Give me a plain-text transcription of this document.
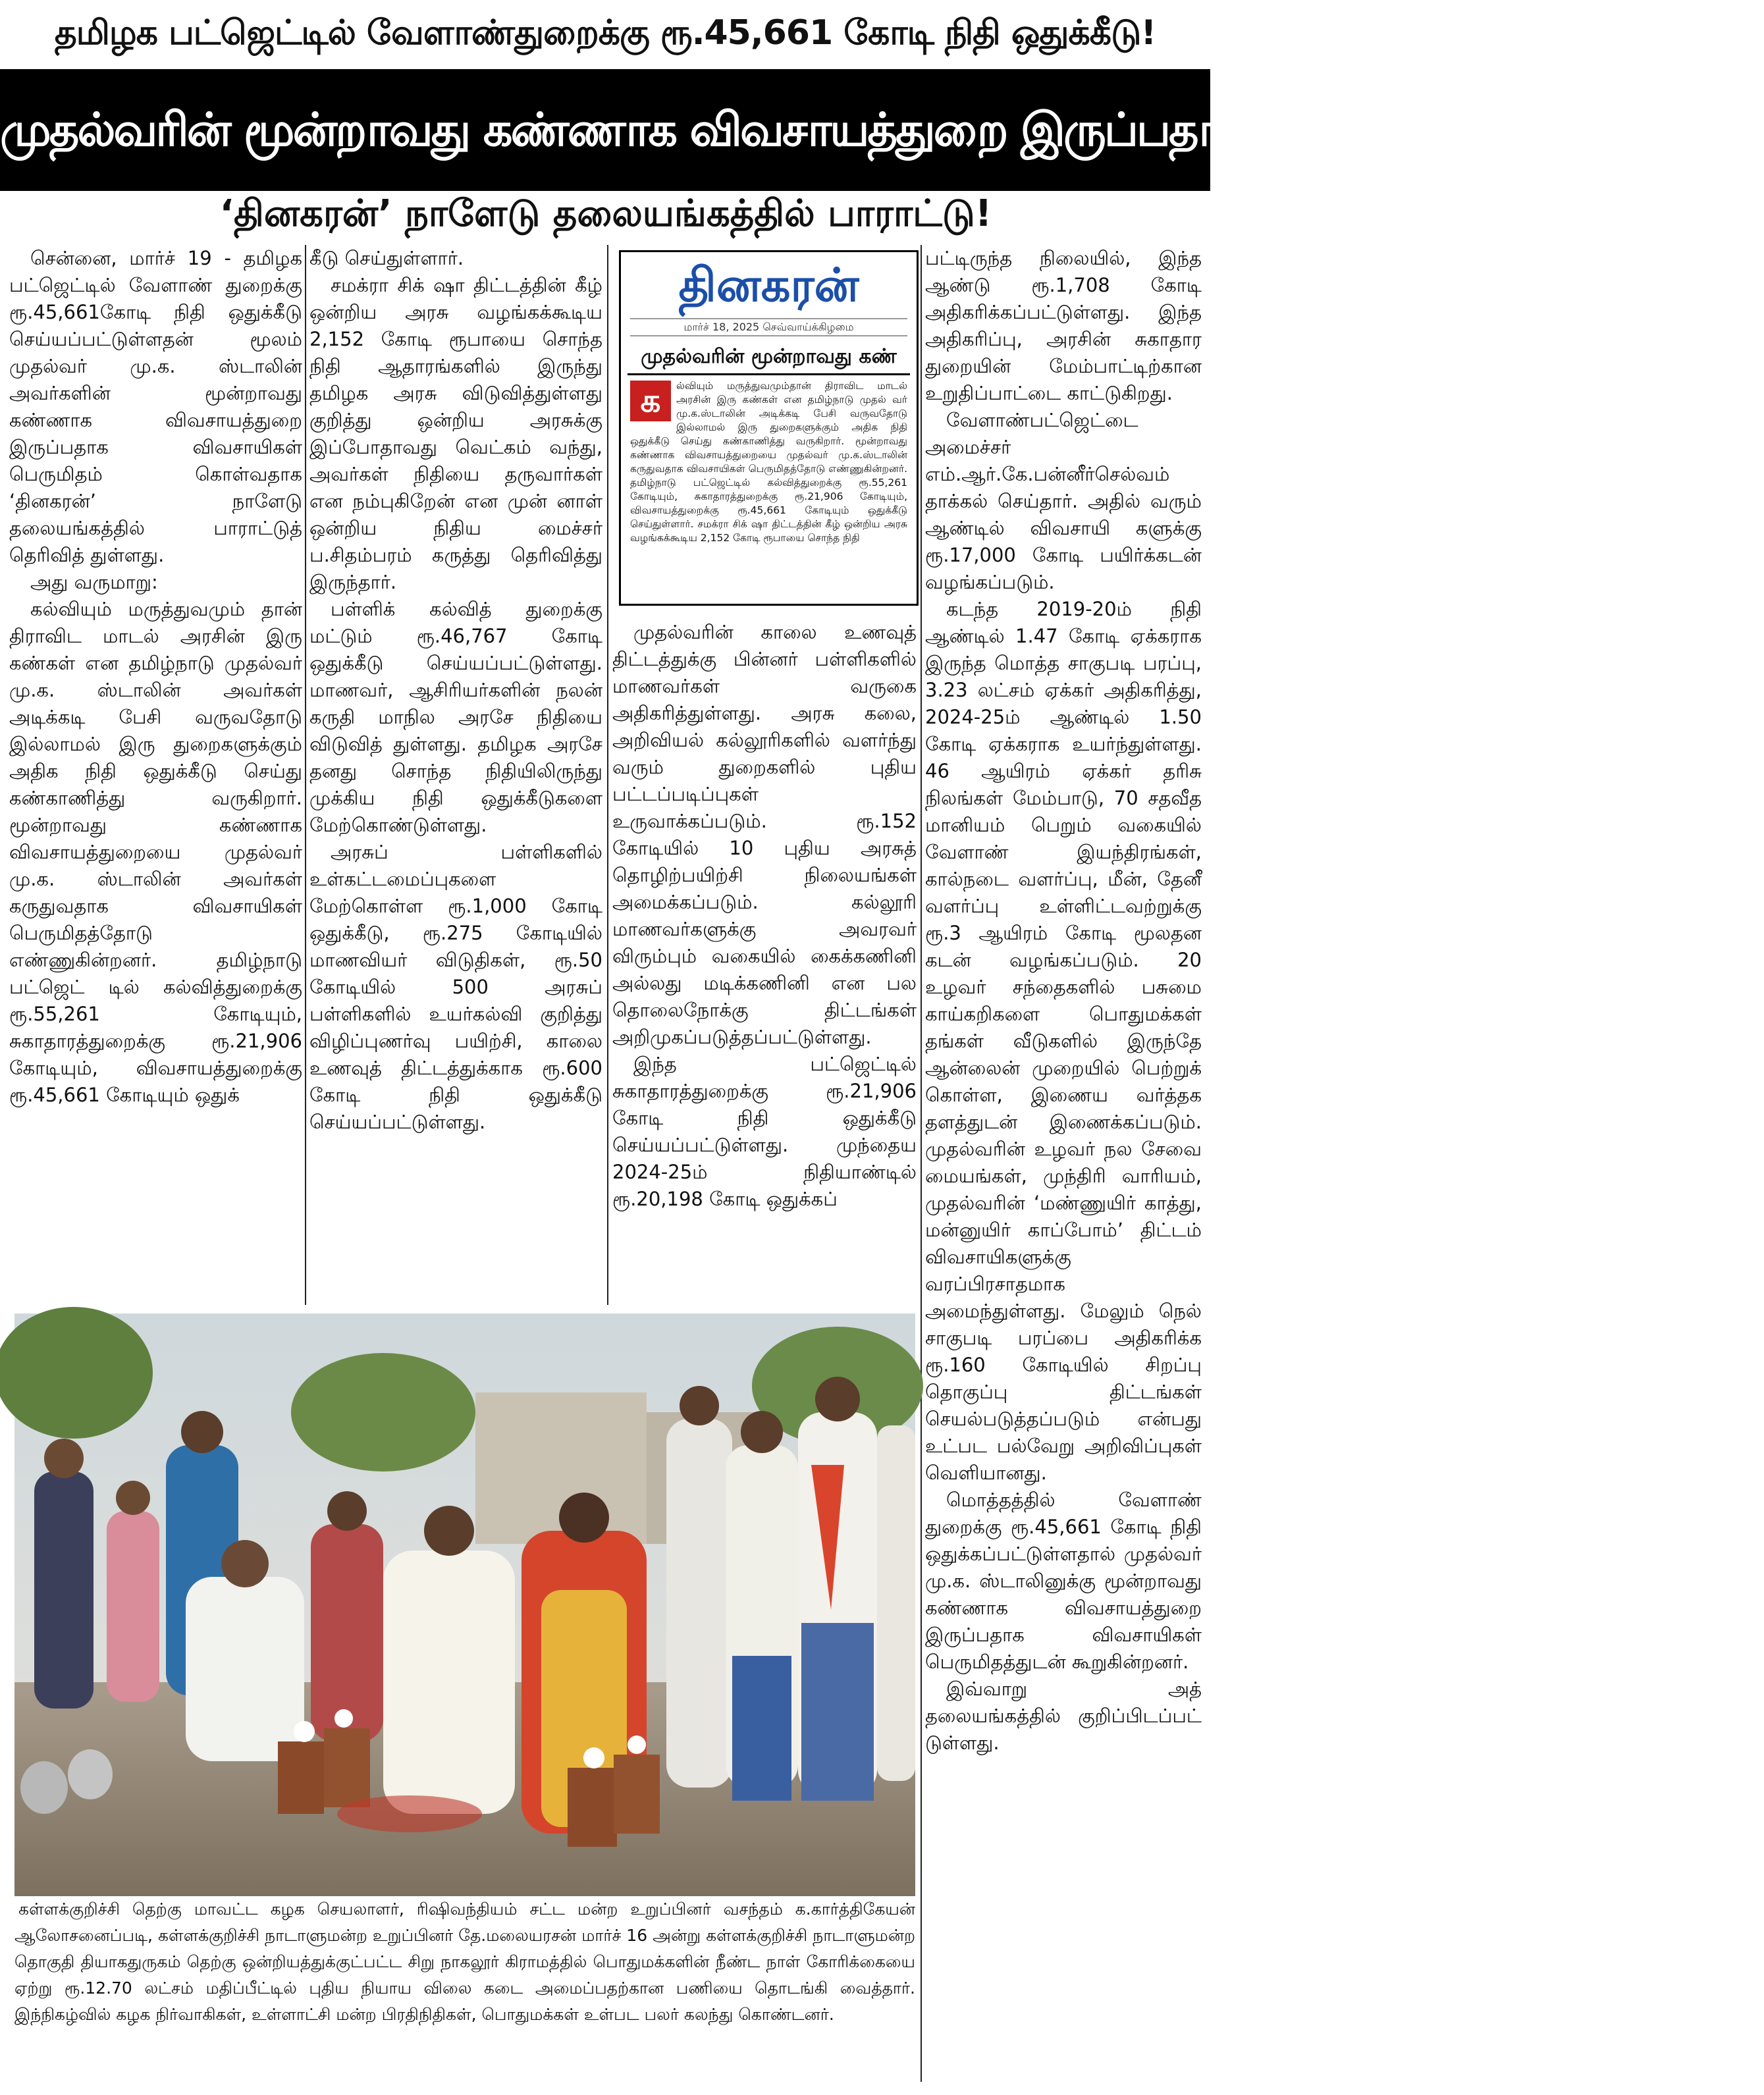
தமிழக பட்ஜெட்டில் வேளாண்துறைக்கு ரூ.45,661 கோடி நிதி ஒதுக்கீடு!
முதல்வரின் மூன்றாவது கண்ணாக விவசாயத்துறை இருப்பதாக விவசாயிகள் பெருமிதம்!
‘தினகரன்’ நாளேடு தலையங்கத்தில் பாராட்டு!

சென்னை, மார்ச் 19 - தமிழக பட்ஜெட்டில் வேளாண் துறைக்கு ரூ.45,661கோடி நிதி ஒதுக்கீடு செய்யப்பட்டுள்ளதன் மூலம் முதல்வர் மு.க. ஸ்டாலின் அவர்களின் மூன்றாவது கண்ணாக விவசாயத்துறை இருப்பதாக விவசாயிகள் பெருமிதம் கொள்வதாக ‘தினகரன்’ நாளேடு தலையங்கத்தில் பாராட்டுத் தெரிவித் துள்ளது.

அது வருமாறு:

கல்வியும் மருத்துவமும் தான் திராவிட மாடல் அரசின் இரு கண்கள் என தமிழ்நாடு முதல்வர் மு.க. ஸ்டாலின் அவர்கள் அடிக்கடி பேசி வருவதோடு இல்லாமல் இரு துறைகளுக்கும் அதிக நிதி ஒதுக்கீடு செய்து கண்காணித்து வருகிறார். மூன்றாவது கண்ணாக விவசாயத்துறையை முதல்வர் மு.க. ஸ்டாலின் அவர்கள் கருதுவதாக விவசாயிகள் பெருமிதத்தோடு எண்ணுகின்றனர். தமிழ்நாடு பட்ஜெட் டில் கல்வித்துறைக்கு ரூ.55,261 கோடியும், சுகாதாரத்துறைக்கு ரூ.21,906 கோடியும், விவசாயத்துறைக்கு ரூ.45,661 கோடியும் ஒதுக்

கீடு செய்துள்ளார்.

சமக்ரா சிக் ஷா திட்டத்தின் கீழ் ஒன்றிய அரசு வழங்கக்கூடிய 2,152 கோடி ரூபாயை சொந்த நிதி ஆதாரங்களில் இருந்து தமிழக அரசு விடுவித்துள்ளது குறித்து ஒன்றிய அரசுக்கு இப்போதாவது வெட்கம் வந்து, அவர்கள் நிதியை தருவார்கள் என நம்புகிறேன் என முன் னாள் ஒன்றிய நிதிய மைச்சர் ப.சிதம்பரம் கருத்து தெரிவித்து இருந்தார்.

பள்ளிக் கல்வித் துறைக்கு மட்டும் ரூ.46,767 கோடி ஒதுக்கீடு செய்யப்பட்டுள்ளது. மாணவர், ஆசிரியர்களின் நலன் கருதி மாநில அரசே நிதியை விடுவித் துள்ளது. தமிழக அரசே தனது சொந்த நிதியிலிருந்து முக்கிய நிதி ஒதுக்கீடுகளை மேற்கொண்டுள்ளது.

அரசுப் பள்ளிகளில் உள்கட்டமைப்புகளை மேற்கொள்ள ரூ.1,000 கோடி ஒதுக்கீடு, ரூ.275 கோடியில் மாணவியர் விடுதிகள், ரூ.50 கோடியில் 500 அரசுப் பள்ளிகளில் உயர்கல்வி குறித்து விழிப்புணர்வு பயிற்சி, காலை உணவுத் திட்டத்துக்காக ரூ.600 கோடி நிதி ஒதுக்கீடு செய்யப்பட்டுள்ளது.

தினகரன்
மார்ச் 18, 2025 செவ்வாய்க்கிழமை
முதல்வரின் மூன்றாவது கண்
க	ல்வியும் மருத்துவமும்தான் திராவிட மாடல் அரசின் இரு கண்கள் என தமிழ்நாடு முதல் வர் மு.க.ஸ்டாலின் அடிக்கடி பேசி வருவதோடு இல்லாமல் இரு துறைகளுக்கும் அதிக நிதி ஒதுக்கீடு செய்து கண்காணித்து வருகிறார். மூன்றாவது கண்ணாக விவசாயத்துறையை முதல்வர் மு.க.ஸ்டாலின் கருதுவதாக விவசாயிகள் பெருமிதத்தோடு எண்ணுகின்றனர். தமிழ்நாடு பட்ஜெட்டில் கல்வித்துறைக்கு ரூ.55,261 கோடியும், சுகாதாரத்துறைக்கு ரூ.21,906 கோடியும், விவசாயத்துறைக்கு ரூ.45,661 கோடியும் ஒதுக்கீடு செய்துள்ளார். சமக்ரா சிக் ஷா திட்டத்தின் கீழ் ஒன்றிய அரசு வழங்கக்கூடிய 2,152 கோடி ரூபாயை சொந்த நிதி

முதல்வரின் காலை உணவுத் திட்டத்துக்கு பின்னர் பள்ளிகளில் மாணவர்கள் வருகை அதிகரித்துள்ளது. அரசு கலை, அறிவியல் கல்லூரிகளில் வளர்ந்து வரும் துறைகளில் புதிய பட்டப்படிப்புகள் உருவாக்கப்படும். ரூ.152 கோடியில் 10 புதிய அரசுத் தொழிற்பயிற்சி நிலையங்கள் அமைக்கப்படும். கல்லூரி மாணவர்களுக்கு அவரவர் விரும்பும் வகையில் கைக்கணினி அல்லது மடிக்கணினி என பல தொலைநோக்கு திட்டங்கள் அறிமுகப்படுத்தப்பட்டுள்ளது.

இந்த பட்ஜெட்டில் சுகாதாரத்துறைக்கு ரூ.21,906 கோடி நிதி ஒதுக்கீடு செய்யப்பட்டுள்ளது. முந்தைய 2024-25ம் நிதியாண்டில் ரூ.20,198 கோடி ஒதுக்கப்

பட்டிருந்த நிலையில், இந்த ஆண்டு ரூ.1,708 கோடி அதிகரிக்கப்பட்டுள்ளது. இந்த அதிகரிப்பு, அரசின் சுகாதார துறையின் மேம்பாட்டிற்கான உறுதிப்பாட்டை காட்டுகிறது.

வேளாண்பட்ஜெட்டை அமைச்சர் எம்.ஆர்.கே.பன்னீர்செல்வம் தாக்கல் செய்தார். அதில் வரும் ஆண்டில் விவசாயி களுக்கு ரூ.17,000 கோடி பயிர்க்கடன் வழங்கப்படும்.

கடந்த 2019-20ம் நிதி ஆண்டில் 1.47 கோடி ஏக்கராக இருந்த மொத்த சாகுபடி பரப்பு, 3.23 லட்சம் ஏக்கர் அதிகரித்து, 2024-25ம் ஆண்டில் 1.50 கோடி ஏக்கராக உயர்ந்துள்ளது. 46 ஆயிரம் ஏக்கர் தரிசு நிலங்கள் மேம்பாடு, 70 சதவீத மானியம் பெறும் வகையில் வேளாண் இயந்திரங்கள், கால்நடை வளர்ப்பு, மீன், தேனீ வளர்ப்பு உள்ளிட்டவற்றுக்கு ரூ.3 ஆயிரம் கோடி மூலதன கடன் வழங்கப்படும். 20 உழவர் சந்தைகளில் பசுமை காய்கறிகளை பொதுமக்கள் தங்கள் வீடுகளில் இருந்தே ஆன்லைன் முறையில் பெற்றுக் கொள்ள, இணைய வர்த்தக தளத்துடன் இணைக்கப்படும். முதல்வரின் உழவர் நல சேவை மையங்கள், முந்திரி வாரியம், முதல்வரின் ‘மண்ணுயிர் காத்து, மன்னுயிர் காப்போம்’ திட்டம் விவசாயிகளுக்கு வரப்பிரசாதமாக அமைந்துள்ளது. மேலும் நெல் சாகுபடி பரப்பை அதிகரிக்க ரூ.160 கோடியில் சிறப்பு தொகுப்பு திட்டங்கள் செயல்படுத்தப்படும் என்பது உட்பட பல்வேறு அறிவிப்புகள் வெளியானது.

மொத்தத்தில் வேளாண் துறைக்கு ரூ.45,661 கோடி நிதி ஒதுக்கப்பட்டுள்ளதால் முதல்வர் மு.க. ஸ்டாலினுக்கு மூன்றாவது கண்ணாக விவசாயத்துறை இருப்பதாக விவசாயிகள் பெருமிதத்துடன் கூறுகின்றனர்.

இவ்வாறு அத் தலையங்கத்தில் குறிப்பிடப்பட் டுள்ளது.

கள்ளக்குறிச்சி தெற்கு மாவட்ட கழக செயலாளர், ரிஷிவந்தியம் சட்ட மன்ற உறுப்பினர் வசந்தம் க.கார்த்திகேயன் ஆலோசனைப்படி, கள்ளக்குறிச்சி நாடாளுமன்ற உறுப்பினர் தே.மலையரசன் மார்ச் 16 அன்று கள்ளக்குறிச்சி நாடாளுமன்ற தொகுதி தியாகதுருகம் தெற்கு ஒன்றியத்துக்குட்பட்ட சிறு நாகலூர் கிராமத்தில் பொதுமக்களின் நீண்ட நாள் கோரிக்கையை ஏற்று ரூ.12.70 லட்சம் மதிப்பீட்டில் புதிய நியாய விலை கடை அமைப்பதற்கான பணியை தொடங்கி வைத்தார். இந்நிகழ்வில் கழக நிர்வாகிகள், உள்ளாட்சி மன்ற பிரதிநிதிகள், பொதுமக்கள் உள்பட பலர் கலந்து கொண்டனர்.
